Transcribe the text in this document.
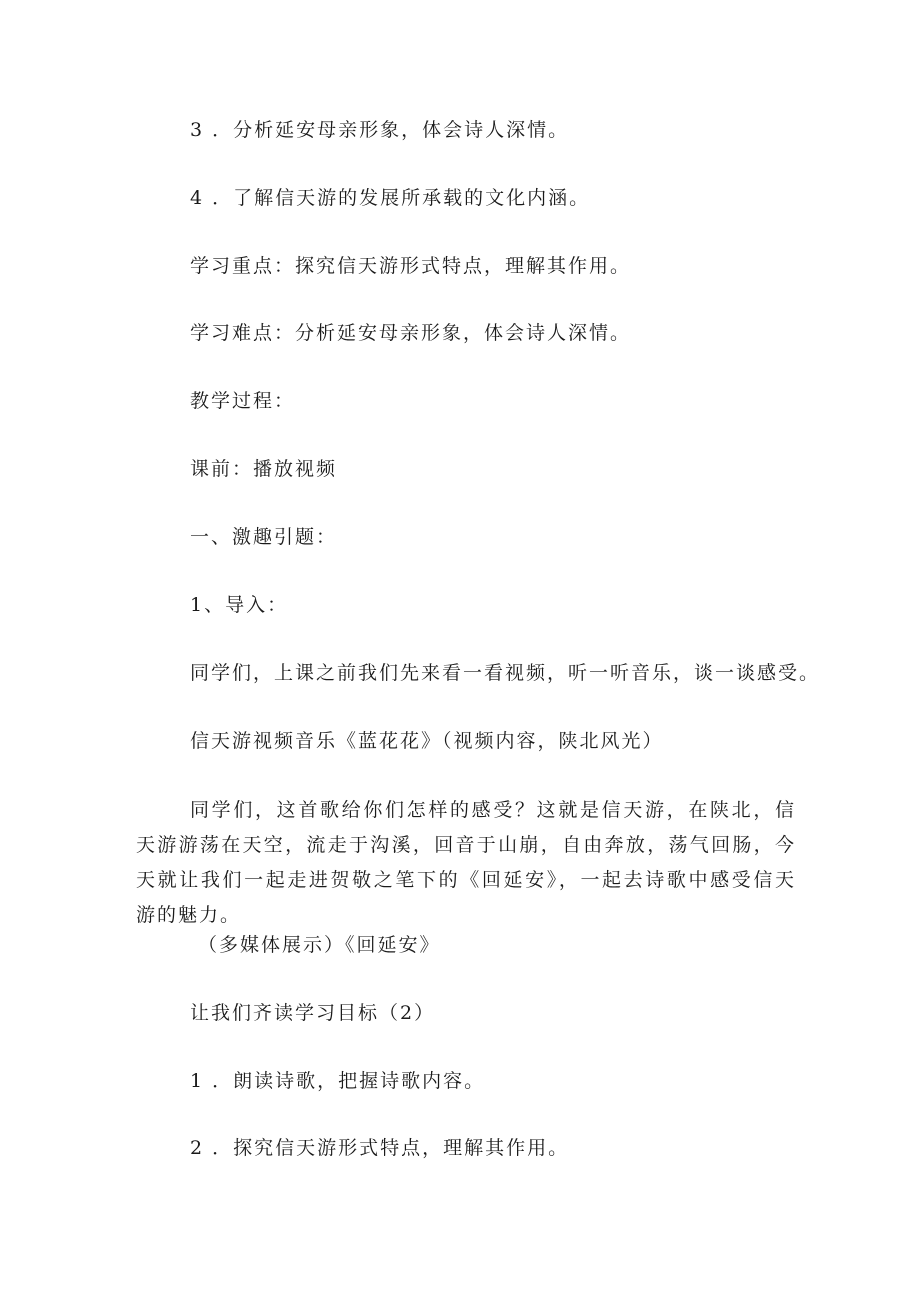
3 ．分析延安母亲形象，体会诗人深情。
4 ．了解信天游的发展所承载的文化内涵。
学习重点：探究信天游形式特点，理解其作用。
学习难点：分析延安母亲形象，体会诗人深情。
教学过程：
课前：播放视频
一、激趣引题：
1、导入：
同学们，上课之前我们先来看一看视频，听一听音乐，谈一谈感受。
信天游视频音乐《蓝花花》（视频内容，陕北风光）
同学们，这首歌给你们怎样的感受？这就是信天游，在陕北，信天游游荡在天空，流走于沟溪，回音于山崩，自由奔放，荡气回肠，今天就让我们一起走进贺敬之笔下的《回延安》，一起去诗歌中感受信天游的魅力。
（多媒体展示）《回延安》
让我们齐读学习目标（2）
1 ．朗读诗歌，把握诗歌内容。
2 ．探究信天游形式特点，理解其作用。
